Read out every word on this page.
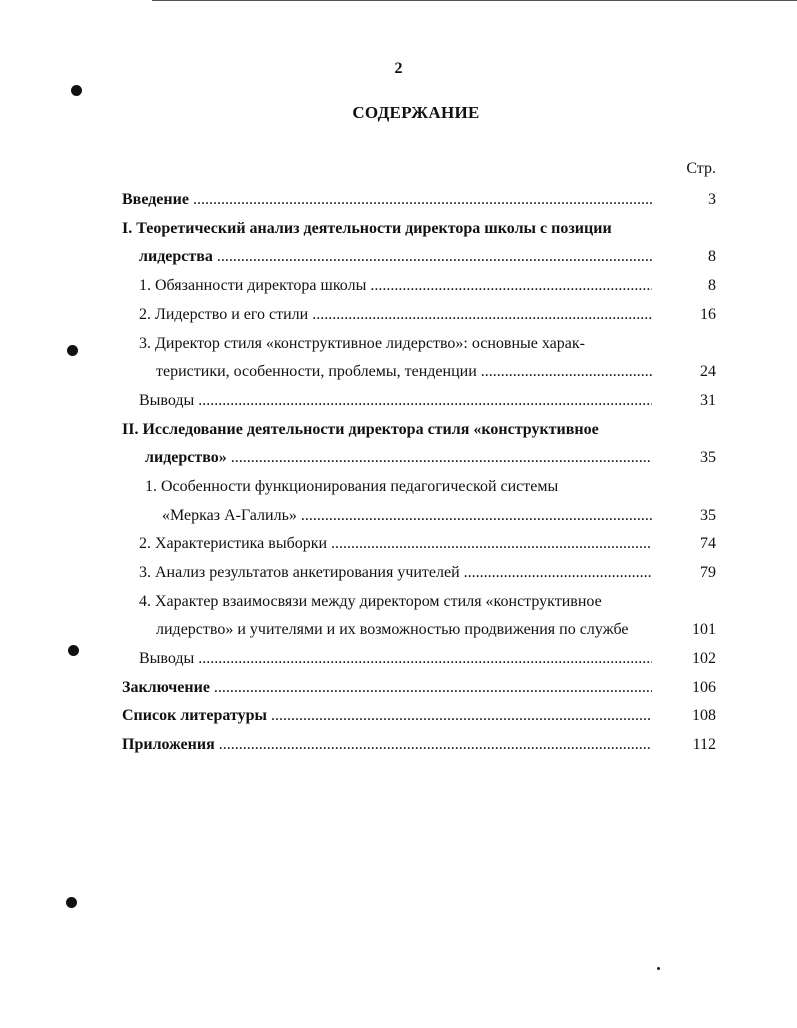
2
СОДЕРЖАНИЕ
Стр.
Введение .....	3
I. Теоретический анализ деятельности директора школы с позиции
лидерства .....	8
1. Обязанности директора школы .....	8
2. Лидерство и его стили .....	16
3. Директор стиля «конструктивное лидерство»: основные харак-
теристики, особенности, проблемы, тенденции .....	24
Выводы .....	31
II. Исследование деятельности директора стиля «конструктивное
лидерство» .....	35
1. Особенности функционирования педагогической системы
«Мерказ А-Галиль» .....	35
2. Характеристика выборки .....	74
3. Анализ результатов анкетирования учителей .....	79
4. Характер взаимосвязи между директором стиля «конструктивное
лидерство» и учителями и их возможностью продвижения по службе	101
Выводы .....	102
Заключение .....	106
Список литературы .....	108
Приложения .....	112
